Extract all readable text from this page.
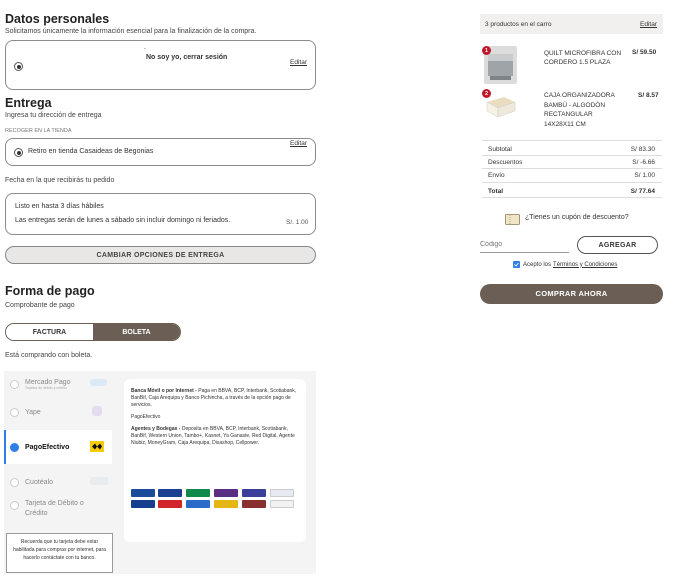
Datos personales
Solicitamos únicamente la información esencial para la finalización de la compra.
.
No soy yo, cerrar sesión
Editar
Entrega
Ingresa tu dirección de entrega
RECOGER EN LA TIENDA
Retiro en tienda Casaideas de Begonias
Editar
Fecha en la que recibirás tu pedido
Listo en hasta 3 días hábiles
Las entregas serán de lunes a sábado sin incluir domingo ni feriados.	S/. 1.00
CAMBIAR OPCIONES DE ENTREGA
Forma de pago
Comprobante de pago
FACTURA	BOLETA
Está comprando con boleta.
Mercado Pago
Tarjetas de débito y crédito
Yape
PagoEfectivo
Cuotéalo
Tarjeta de Débito o Crédito
Recuerda que tu tarjeta debe estar habilitada para compras por internet, para hacerlo contáctate con tu banco.
Banca Móvil o por Internet - Paga en BBVA, BCP, Interbank, Scotiabank, BanBif, Caja Arequipa y Banco Pichincha, a través de la opción pago de servicios.
PagoEfectivo
Agentes y Bodegas - Deposita en BBVA, BCP, Interbank, Scotiabank, BanBif, Western Union, Tambo+, Kasnet, Ya Ganaste, Red Digital, Agente Niubiz, MoneyGram, Caja Arequipa, Disashop, Cellpower.
3 productos en el carro	Editar
1	QUILT MICROFIBRA CON CORDERO 1.5 PLAZA
S/ 59.50
2	CAJA ORGANIZADORA BAMBÚ - ALGODÓN RECTANGULAR 14X28X11 CM
S/ 8.57
Subtotal	S/ 83.30
Descuentos	S/ -6.66
Envío	S/ 1.00
Total	S/ 77.64
¿Tienes un cupón de descuento?
Código
AGREGAR
Acepto los Términos y Condiciones
COMPRAR AHORA
